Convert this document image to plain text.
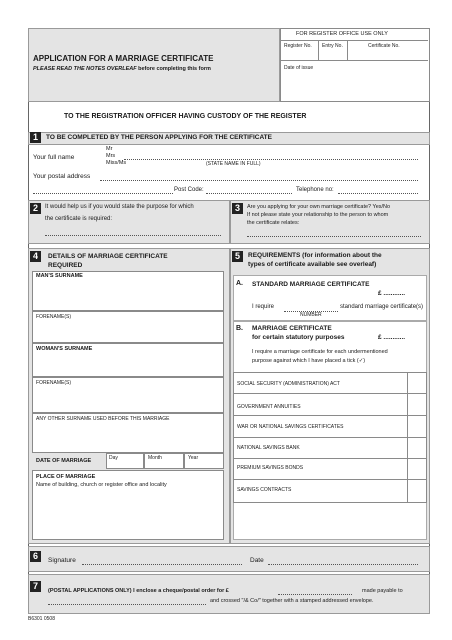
APPLICATION FOR A MARRIAGE CERTIFICATE
PLEASE READ THE NOTES OVERLEAF before completing this form
FOR REGISTER OFFICE USE ONLY
Register No. Entry No.	Certificate No.
Date of issue
TO THE REGISTRATION OFFICER HAVING CUSTODY OF THE REGISTER
1	TO BE COMPLETED BY THE PERSON APPLYING FOR THE CERTIFICATE
Your full name
Mr
Mrs
Miss/Ms	(STATE NAME IN FULL)
Your postal address
Post Code:	Telephone no:
2	It would help us if you would state the purpose for which
the certificate is required:
3	Are you applying for your own marriage certificate? Yes/No
If not please state your relationship to the person to whom
the certificate relates:
4	DETAILS OF MARRIAGE CERTIFICATE
REQUIRED
MAN'S SURNAME
FORENAME(S)
WOMAN'S SURNAME
FORENAME(S)
ANY OTHER SURNAME USED BEFORE THIS MARRIAGE
DATE OF MARRIAGE	Day	Month	Year
PLACE OF MARRIAGE
Name of building, church or register office and locality
5	REQUIREMENTS (for information about the
types of certificate available see overleaf)
A. STANDARD MARRIAGE CERTIFICATE
£ ............
I require
NUMBER
standard marriage certificate(s)
B. MARRIAGE CERTIFICATE
for certain statutory purposes	£ ............
I require a marriage certificate for each undermentioned
purpose against which I have placed a tick (✓)
SOCIAL SECURITY (ADMINISTRATION) ACT
GOVERNMENT ANNUITIES
WAR OR NATIONAL SAVINGS CERTIFICATES
NATIONAL SAVINGS BANK
PREMIUM SAVINGS BONDS
SAVINGS CONTRACTS
6	Signature	Date
7	(POSTAL APPLICATIONS ONLY) I enclose a cheque/postal order for £	made payable to
and crossed "/& Co/" together with a stamped addressed envelope.
B6301 0508
